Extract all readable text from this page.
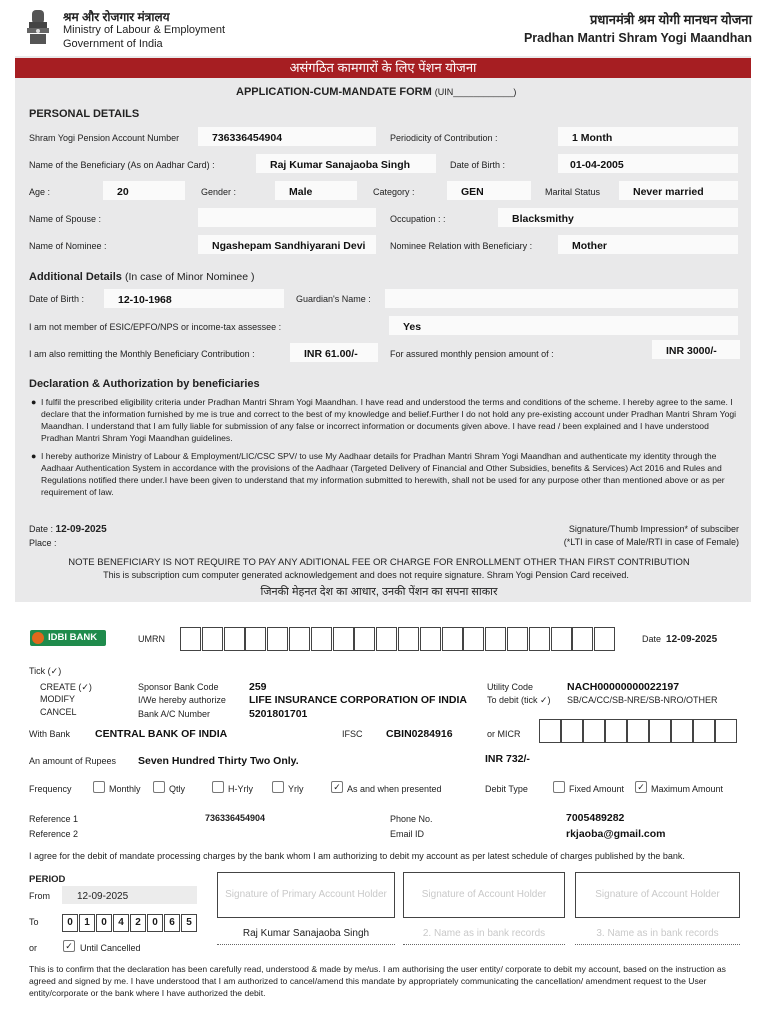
श्रम और रोजगार मंत्रालय
Ministry of Labour & Employment
Government of India
प्रधानमंत्री श्रम योगी मानधन योजना
Pradhan Mantri Shram Yogi Maandhan
असंगठित कामगारों के लिए पेंशन योजना
APPLICATION-CUM-MANDATE FORM (UIN____________)
PERSONAL DETAILS
Shram Yogi Pension Account Number	736336454904	Periodicity of Contribution :	1 Month
Name of the Beneficiary (As on Aadhar Card) :	Raj Kumar Sanajaoba Singh	Date of Birth :	01-04-2005
Age :	20	Gender :	Male	Category :	GEN	Marital Status	Never married
Name of Spouse :	Occupation : :	Blacksmithy
Name of Nominee :	Ngashepam Sandhiyarani Devi	Nominee Relation with Beneficiary :	Mother
Additional Details (In case of Minor Nominee )
Date of Birth :	12-10-1968	Guardian's Name :
I am not member of ESIC/EPFO/NPS or income-tax assessee :	Yes
I am also remitting the Monthly Beneficiary Contribution :	INR 61.00/-	For assured monthly pension amount of :	INR 3000/-
Declaration & Authorization by beneficiaries
● I fulfil the prescribed eligibility criteria under Pradhan Mantri Shram Yogi Maandhan. I have read and understood the terms and conditions of the scheme. I hereby agree to the same. I declare that the information furnished by me is true and correct to the best of my knowledge and belief.Further I do not hold any pre-existing account under Pradhan Mantri Shram Yogi Maandhan. I understand that I am fully liable for submission of any false or incorrect information or documents given above. I have read / been explained and I have understood Pradhan Mantri Shram Yogi Maandhan guidelines.
● I hereby authorize Ministry of Labour & Employment/LIC/CSC SPV/ to use My Aadhaar details for Pradhan Mantri Shram Yogi Maandhan and authenticate my identity through the Aadhaar Authentication System in accordance with the provisions of the Aadhaar (Targeted Delivery of Financial and Other Subsidies, benefits & Services) Act 2016 and Rules and Regulations notified there under.I have been given to understand that my information submitted to herewith, shall not be used for any purpose other than mentioned above or as per requirement of law.
Date : 12-09-2025
Place :
Signature/Thumb Impression* of subsciber
(*LTI in case of Male/RTI in case of Female)
NOTE BENEFICIARY IS NOT REQUIRE TO PAY ANY ADITIONAL FEE OR CHARGE FOR ENROLLMENT OTHER THAN FIRST CONTRIBUTION
This is subscription cum computer generated acknowledgement and does not require signature. Shram Yogi Pension Card received.
जिनकी मेहनत देश का आधार, उनकी पेंशन का सपना साकार
IDBI BANK	UMRN	Date 12-09-2025
Tick (✓)
CREATE (✓)
MODIFY
CANCEL
Sponsor Bank Code	259
I/We hereby authorize LIFE INSURANCE CORPORATION OF INDIA
Bank A/C Number	5201801701
Utility Code	NACH00000000022197
To debit (tick ✓) SB/CA/CC/SB-NRE/SB-NRO/OTHER
With Bank CENTRAL BANK OF INDIA	IFSC CBIN0284916	or MICR
An amount of Rupees Seven Hundred Thirty Two Only.	INR 732/-
Frequency	Monthly	Qtly	H-Yrly	Yrly	✓ As and when presented	Debit Type	Fixed Amount ✓ Maximum Amount
Reference 1	736336454904
Reference 2
Phone No.	7005489282
Email ID	rkjaoba@gmail.com
I agree for the debit of mandate processing charges by the bank whom I am authorizing to debit my account as per latest schedule of charges published by the bank.
PERIOD
From	12-09-2025
To	0	1	0	4	2	0	6	5
or	✓ Until Cancelled
Signature of Primary Account Holder	Signature of Account Holder	Signature of Account Holder
Raj Kumar Sanajaoba Singh	2. Name as in bank records	3. Name as in bank records
This is to confirm that the declaration has been carefully read, understood & made by me/us. I am authorising the user entity/ corporate to debit my account, based on the instruction as agreed and signed by me. I have understood that I am authorized to cancel/amend this mandate by appropriately communicating the cancellation/ amendment request to the User entity/corporate or the bank where I have authorized the debit.
